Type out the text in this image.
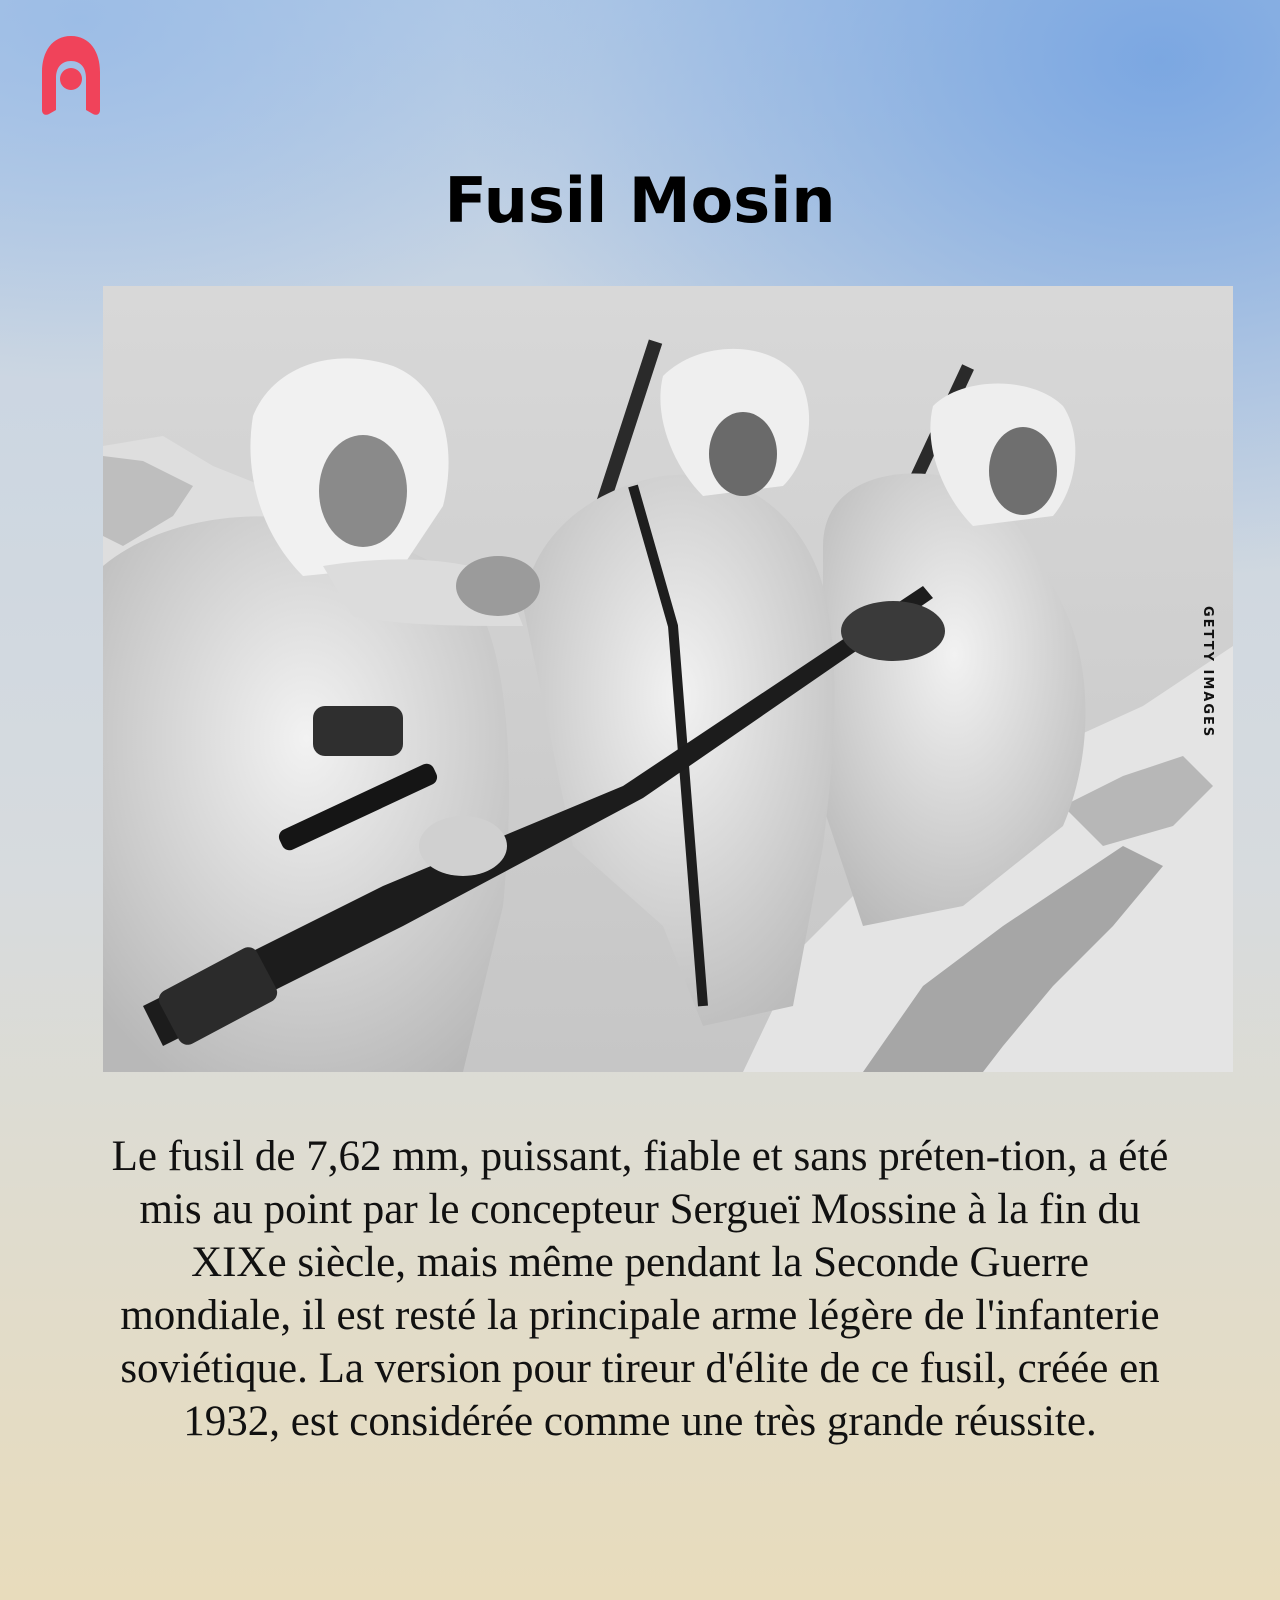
Fusil Mosin
GETTY IMAGES

Le fusil de 7,62 mm, puissant, fiable et sans préten-tion, a été mis au point par le concepteur Sergueï Mossine à la fin du XIXe siècle, mais même pendant la Seconde Guerre mondiale, il est resté la principale arme légère de l'infanterie soviétique. La version pour tireur d'élite de ce fusil, créée en 1932, est considérée comme une très grande réussite.
